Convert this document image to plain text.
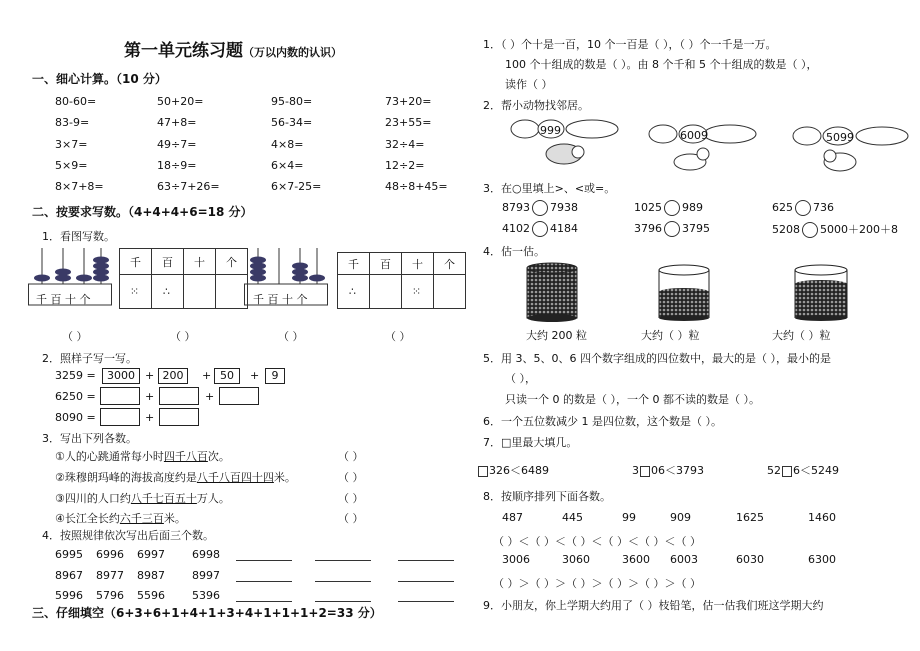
第一单元练习题（万以内数的认识）
一、细心计算。（10 分）
80-60=	50+20=	95-80=	73+20=
83-9=	47+8=	56-34=	23+55=
3×7=	49÷7=	4×8=	32÷4=
5×9=	18÷9=	6×4=	12÷2=
8×7+8=	63÷7+26=	6×7-25=	48÷8+45=
二、按要求写数。（4+4+4+6=18 分）
1．看图写数。
千 百 十 个
千	百	十	个
⁙	∴		
千 百 十 个
千	百	十	个
∴		⁙	
（ ）	（ ）	（ ）	（ ）
2．照样子写一写。
3259 =	3000 + 200	+ 50	+	9
6250 =	+	+
8090 =	+
3．写出下列各数。
①人的心跳通常每小时四千八百次。	（ ）
②珠穆朗玛峰的海拔高度约是八千八百四十四米。	（ ）
③四川的人口约八千七百五十万人。	（ ）
④长江全长约六千三百米。	（ ）
4．按照规律依次写出后面三个数。
6995 6996 6997 6998
8967 8977 8987 8997
5996 5796 5596 5396
三、仔细填空（6+3+6+1+4+1+3+4+1+1+1+2=33 分）
1．（ ）个十是一百，10 个一百是（ ），（ ）个一千是一万。
100 个十组成的数是（ ）。由 8 个千和 5 个十组成的数是（ ），
读作（ ）
2．帮小动物找邻居。
999	6009	5099
3．在○里填上>、<或=。
8793 7938	1025 989	625 736
4102 4184	3796 3795	5208 5000＋200＋8
4．估一估。
大约 200 粒	大约（ ）粒	大约（ ）粒
5．用 3、5、0、6 四个数字组成的四位数中，最大的是（ ），最小的是
（ ），
只读一个 0 的数是（ ），一个 0 都不读的数是（ ）。
6．一个五位数减少 1 是四位数，这个数是（ ）。
7．□里最大填几。
326＜6489	3 06＜3793	52 6＜5249
8．按顺序排列下面各数。
487	445	99	909	1625	1460
（ ）＜（ ）＜（ ）＜（ ）＜（ ）＜（ ）
3006	3060	3600 6003	6030	6300
（ ）＞（ ）＞（ ）＞（ ）＞（ ）＞（ ）
9．小朋友，你上学期大约用了（ ）枝铅笔，估一估我们班这学期大约
